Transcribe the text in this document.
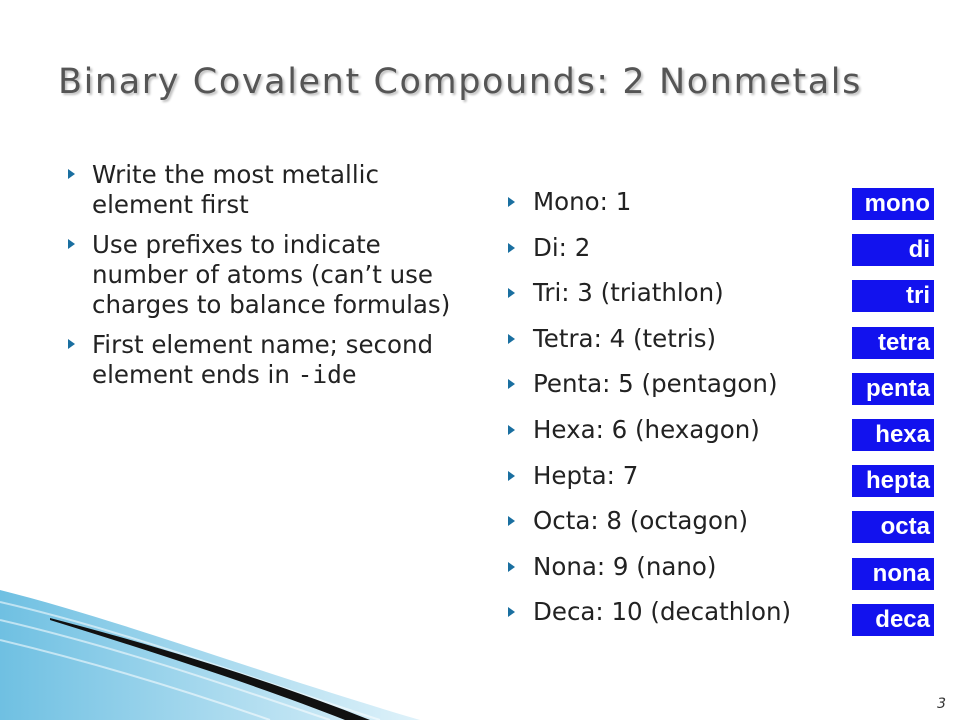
Binary Covalent Compounds: 2 Nonmetals
Write the most metallic element first
Use prefixes to indicate number of atoms (can’t use charges to balance formulas)
First element name; second element ends in -ide
Mono: 1
Di: 2
Tri: 3 (triathlon)
Tetra: 4 (tetris)
Penta: 5 (pentagon)
Hexa: 6 (hexagon)
Hepta: 7
Octa: 8 (octagon)
Nona: 9 (nano)
Deca: 10 (decathlon)
mono
di
tri
tetra
penta
hexa
hepta
octa
nona
deca
3
